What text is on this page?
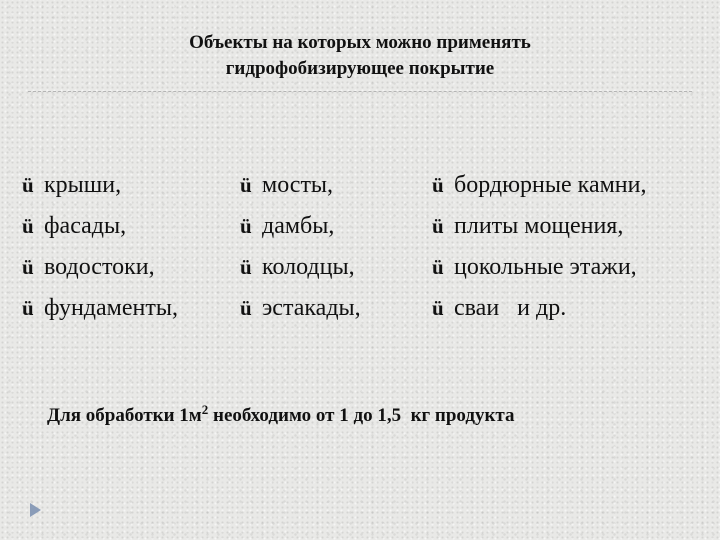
Объекты на которых можно применять
гидрофобизирующее покрытие
ü крыши,
ü фасады,
ü водостоки,
ü фундаменты,
ü мосты,
ü дамбы,
ü колодцы,
ü эстакады,
ü бордюрные камни,
ü плиты мощения,
ü цокольные этажи,
ü сваи   и др.
Для обработки $1м^2$ необходимо от 1 до 1,5  кг продукта
